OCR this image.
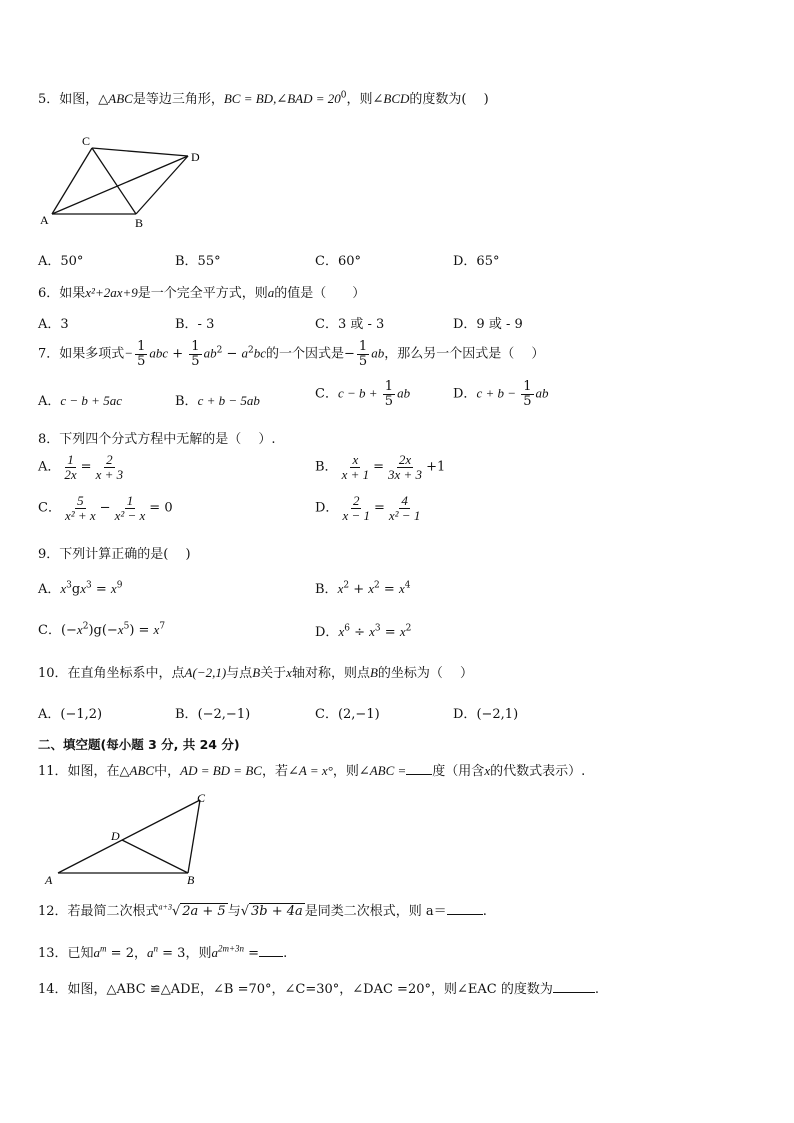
5．如图，△ABC是等边三角形，BC = BD,∠BAD = $20^0$，则∠BCD的度数为(　 )
C
D
A	B
A．50°	B．55°	C．60°	D．65°
6．如果x²+2ax+9是一个完全平方式，则a的值是（　　）
A．3	B．- 3	C．3 或 - 3	D．9 或 - 9
7．如果多项式− $\frac{1}{5}$ abc + $\frac{1}{5} ab^2 - a^2bc$的一个因式是− $\frac{1}{5}$ ab，那么另一个因式是（　 ）
A．c − b + 5ac	B．c + b − 5ab	C．$c - b + \frac{1}{5}$ ab	D．$c + b - \frac{1}{5}$ ab
8．下列四个分式方程中无解的是（　 ）.
A． $\frac{1}{2x} = \frac{2}{x + 3}$	B． $\frac{x}{x + 1} = \frac{2x}{3x + 3} +1$
C． $\frac{5}{\text{x² + x}} - \frac{1}{\text{x² − x}} = 0$	D． $\frac{2}{x - 1} = \frac{4}{\text{x² − 1}}$
9．下列计算正确的是(　 )
A．$x^3gx^3 = x^9$	B．$x^2 + x^2 = x^4$
C．$(-x^2)g(-x^5) = x^7$	D．$x^6 \div x^3 = x^2$
10．在直角坐标系中，点A(−2,1)与点B关于x轴对称，则点B的坐标为（　 ）
A．(−1,2)	B．(−2,−1)	C．(2,−1)	D．(−2,1)
二、填空题(每小题 3 分, 共 24 分)
11．如图，在△ABC中，AD = BD = BC，若∠A = x°，则∠ABC = 度（用含x的代数式表示）.
C
D
A	B
12．若最简二次根式$^{a+3}$√ 2a + 5 与√ 3b + 4a 是同类二次根式，则 a＝	.
13．已知$a^m = 2$，$a^n = 3$，则$a^{2m+3n}$ = .
14．如图，△ABC ≌△ADE，∠B =70°，∠C=30°，∠DAC =20°，则∠EAC 的度数为	.
